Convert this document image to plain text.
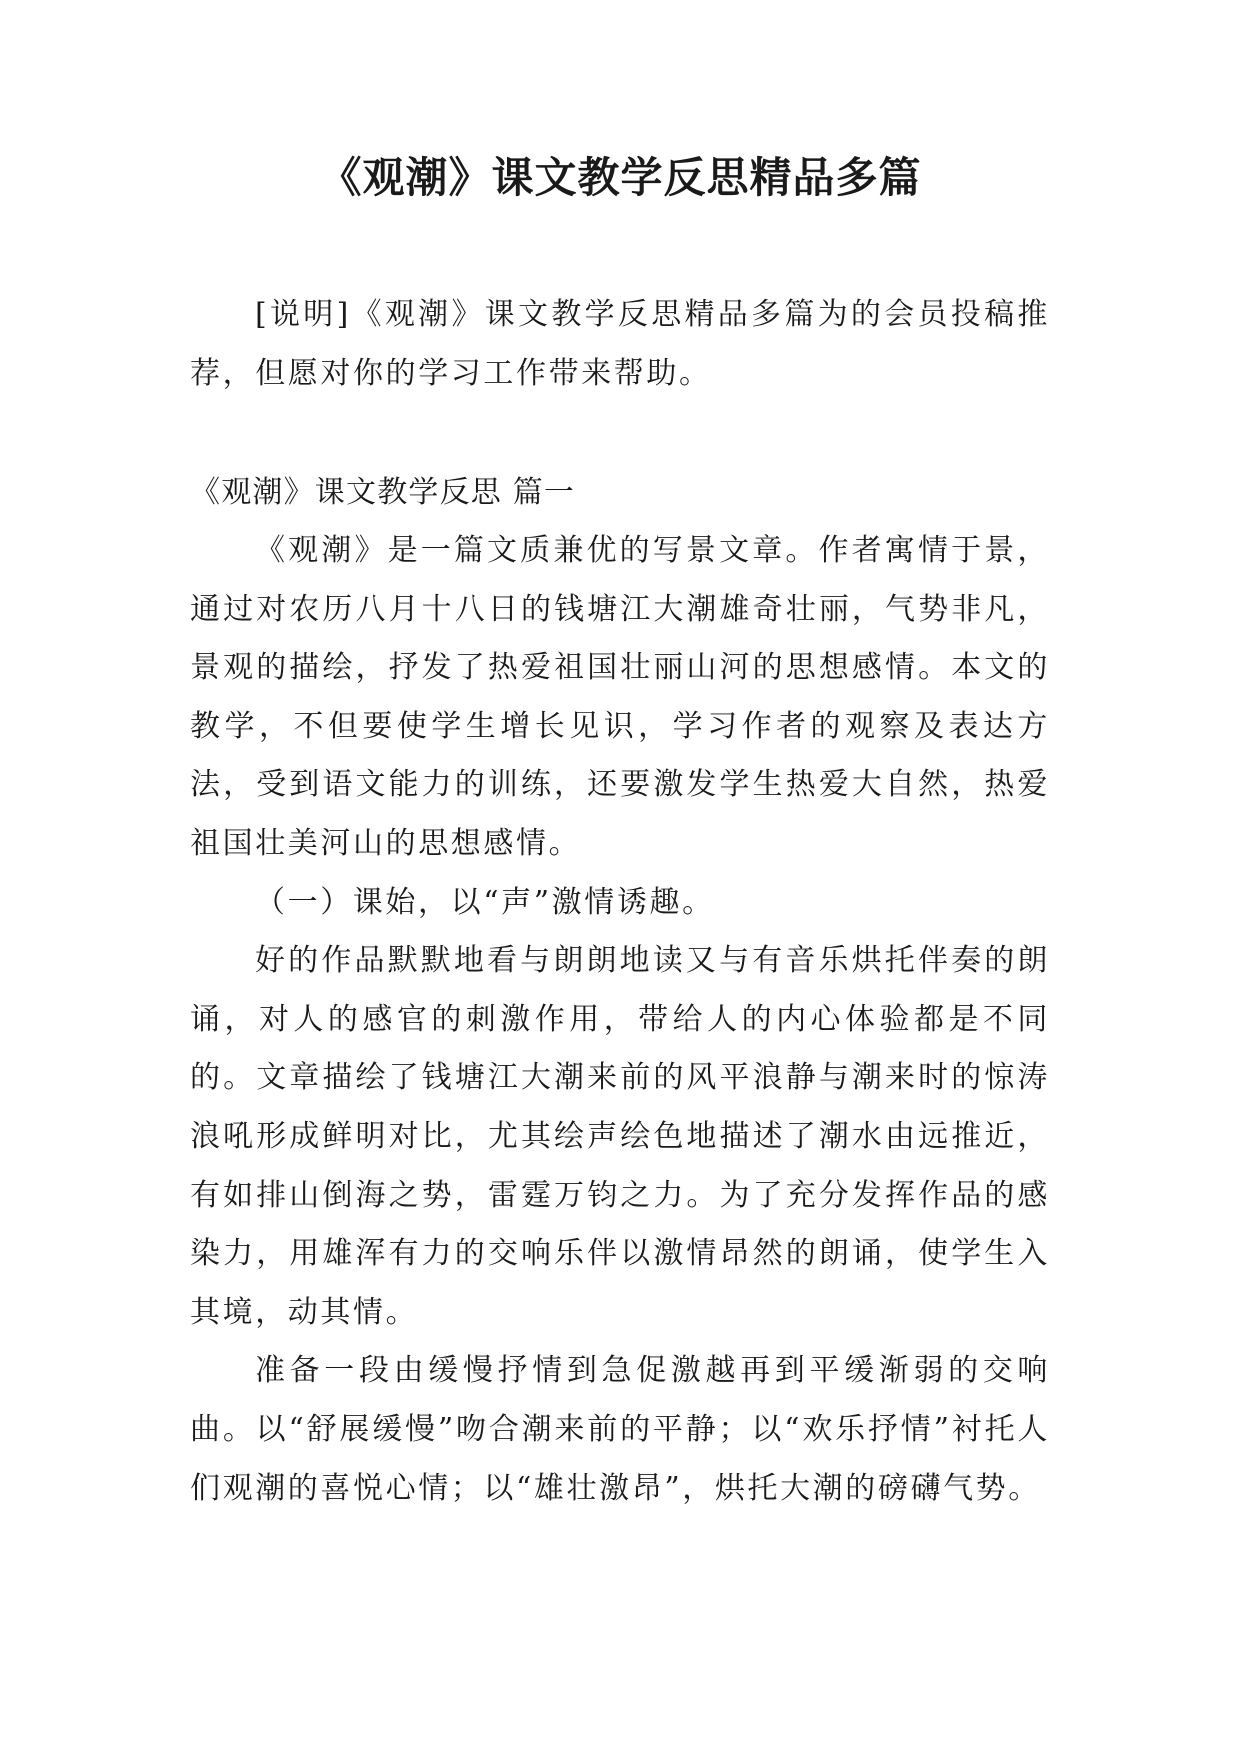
《观潮》课文教学反思精品多篇

[说明]《观潮》课文教学反思精品多篇为的会员投稿推荐，但愿对你的学习工作带来帮助。

《观潮》课文教学反思 篇一

《观潮》是一篇文质兼优的写景文章。作者寓情于景，通过对农历八月十八日的钱塘江大潮雄奇壮丽，气势非凡，景观的描绘，抒发了热爱祖国壮丽山河的思想感情。本文的教学，不但要使学生增长见识，学习作者的观察及表达方法，受到语文能力的训练，还要激发学生热爱大自然，热爱祖国壮美河山的思想感情。

（一）课始，以“声”激情诱趣。

好的作品默默地看与朗朗地读又与有音乐烘托伴奏的朗诵，对人的感官的刺激作用，带给人的内心体验都是不同的。文章描绘了钱塘江大潮来前的风平浪静与潮来时的惊涛浪吼形成鲜明对比，尤其绘声绘色地描述了潮水由远推近，有如排山倒海之势，雷霆万钧之力。为了充分发挥作品的感染力，用雄浑有力的交响乐伴以激情昂然的朗诵，使学生入其境，动其情。

准备一段由缓慢抒情到急促激越再到平缓渐弱的交响曲。以“舒展缓慢”吻合潮来前的平静；以“欢乐抒情”衬托人们观潮的喜悦心情；以“雄壮激昂”，烘托大潮的磅礴气势。
